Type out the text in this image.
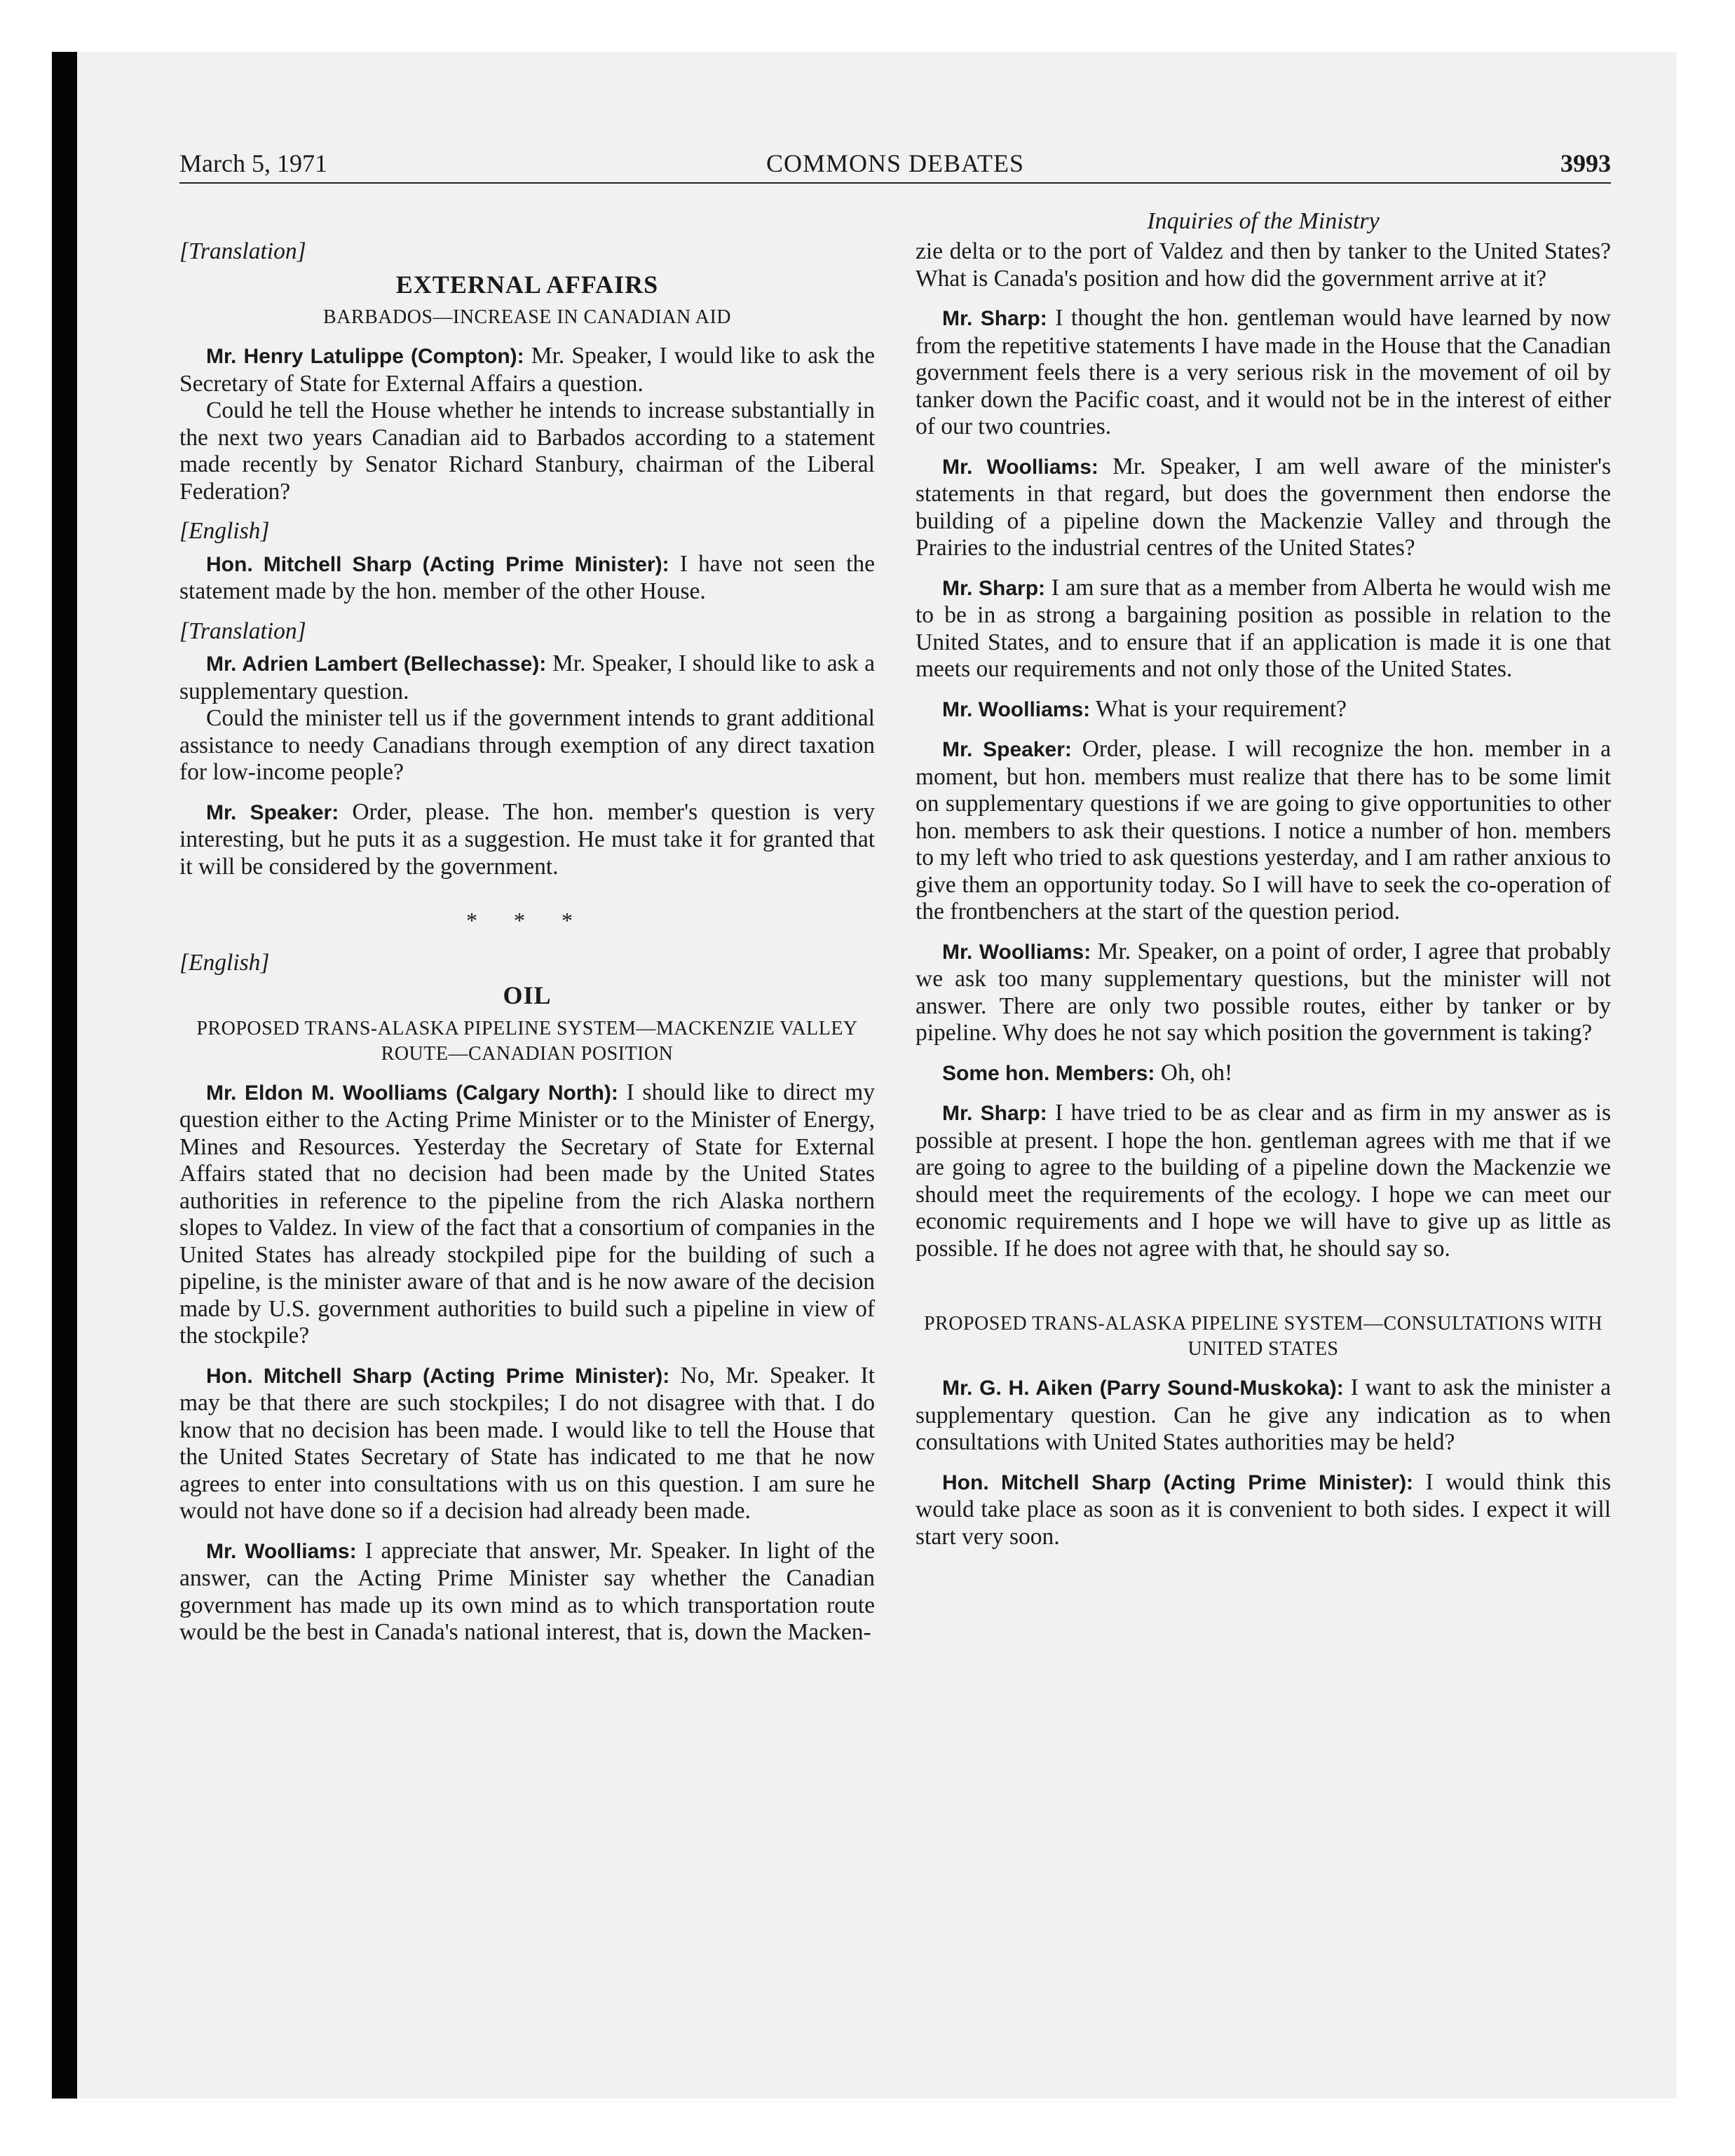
March 5, 1971	COMMONS DEBATES	3993
Inquiries of the Ministry
[Translation]
EXTERNAL AFFAIRS
BARBADOS—INCREASE IN CANADIAN AID

Mr. Henry Latulippe (Compton): Mr. Speaker, I would like to ask the Secretary of State for External Affairs a question.

Could he tell the House whether he intends to increase substantially in the next two years Canadian aid to Barbados according to a statement made recently by Senator Richard Stanbury, chairman of the Liberal Federation?

[English]

Hon. Mitchell Sharp (Acting Prime Minister): I have not seen the statement made by the hon. member of the other House.

[Translation]

Mr. Adrien Lambert (Bellechasse): Mr. Speaker, I should like to ask a supplementary question.

Could the minister tell us if the government intends to grant additional assistance to needy Canadians through exemption of any direct taxation for low-income people?

Mr. Speaker: Order, please. The hon. member's question is very interesting, but he puts it as a suggestion. He must take it for granted that it will be considered by the government.

* * *
[English]
OIL
PROPOSED TRANS-ALASKA PIPELINE SYSTEM—MACKENZIE VALLEY ROUTE—CANADIAN POSITION

Mr. Eldon M. Woolliams (Calgary North): I should like to direct my question either to the Acting Prime Minister or to the Minister of Energy, Mines and Resources. Yesterday the Secretary of State for External Affairs stated that no decision had been made by the United States authorities in reference to the pipeline from the rich Alaska northern slopes to Valdez. In view of the fact that a consortium of companies in the United States has already stockpiled pipe for the building of such a pipeline, is the minister aware of that and is he now aware of the decision made by U.S. government authorities to build such a pipeline in view of the stockpile?

Hon. Mitchell Sharp (Acting Prime Minister): No, Mr. Speaker. It may be that there are such stockpiles; I do not disagree with that. I do know that no decision has been made. I would like to tell the House that the United States Secretary of State has indicated to me that he now agrees to enter into consultations with us on this question. I am sure he would not have done so if a decision had already been made.

Mr. Woolliams: I appreciate that answer, Mr. Speaker. In light of the answer, can the Acting Prime Minister say whether the Canadian government has made up its own mind as to which transportation route would be the best in Canada's national interest, that is, down the Macken-

zie delta or to the port of Valdez and then by tanker to the United States? What is Canada's position and how did the government arrive at it?

Mr. Sharp: I thought the hon. gentleman would have learned by now from the repetitive statements I have made in the House that the Canadian government feels there is a very serious risk in the movement of oil by tanker down the Pacific coast, and it would not be in the interest of either of our two countries.

Mr. Woolliams: Mr. Speaker, I am well aware of the minister's statements in that regard, but does the government then endorse the building of a pipeline down the Mackenzie Valley and through the Prairies to the industrial centres of the United States?

Mr. Sharp: I am sure that as a member from Alberta he would wish me to be in as strong a bargaining position as possible in relation to the United States, and to ensure that if an application is made it is one that meets our requirements and not only those of the United States.

Mr. Woolliams: What is your requirement?

Mr. Speaker: Order, please. I will recognize the hon. member in a moment, but hon. members must realize that there has to be some limit on supplementary questions if we are going to give opportunities to other hon. members to ask their questions. I notice a number of hon. members to my left who tried to ask questions yesterday, and I am rather anxious to give them an opportunity today. So I will have to seek the co-operation of the frontbenchers at the start of the question period.

Mr. Woolliams: Mr. Speaker, on a point of order, I agree that probably we ask too many supplementary questions, but the minister will not answer. There are only two possible routes, either by tanker or by pipeline. Why does he not say which position the government is taking?

Some hon. Members: Oh, oh!

Mr. Sharp: I have tried to be as clear and as firm in my answer as is possible at present. I hope the hon. gentleman agrees with me that if we are going to agree to the building of a pipeline down the Mackenzie we should meet the requirements of the ecology. I hope we can meet our economic requirements and I hope we will have to give up as little as possible. If he does not agree with that, he should say so.

PROPOSED TRANS-ALASKA PIPELINE SYSTEM—CONSULTATIONS WITH UNITED STATES

Mr. G. H. Aiken (Parry Sound-Muskoka): I want to ask the minister a supplementary question. Can he give any indication as to when consultations with United States authorities may be held?

Hon. Mitchell Sharp (Acting Prime Minister): I would think this would take place as soon as it is convenient to both sides. I expect it will start very soon.
